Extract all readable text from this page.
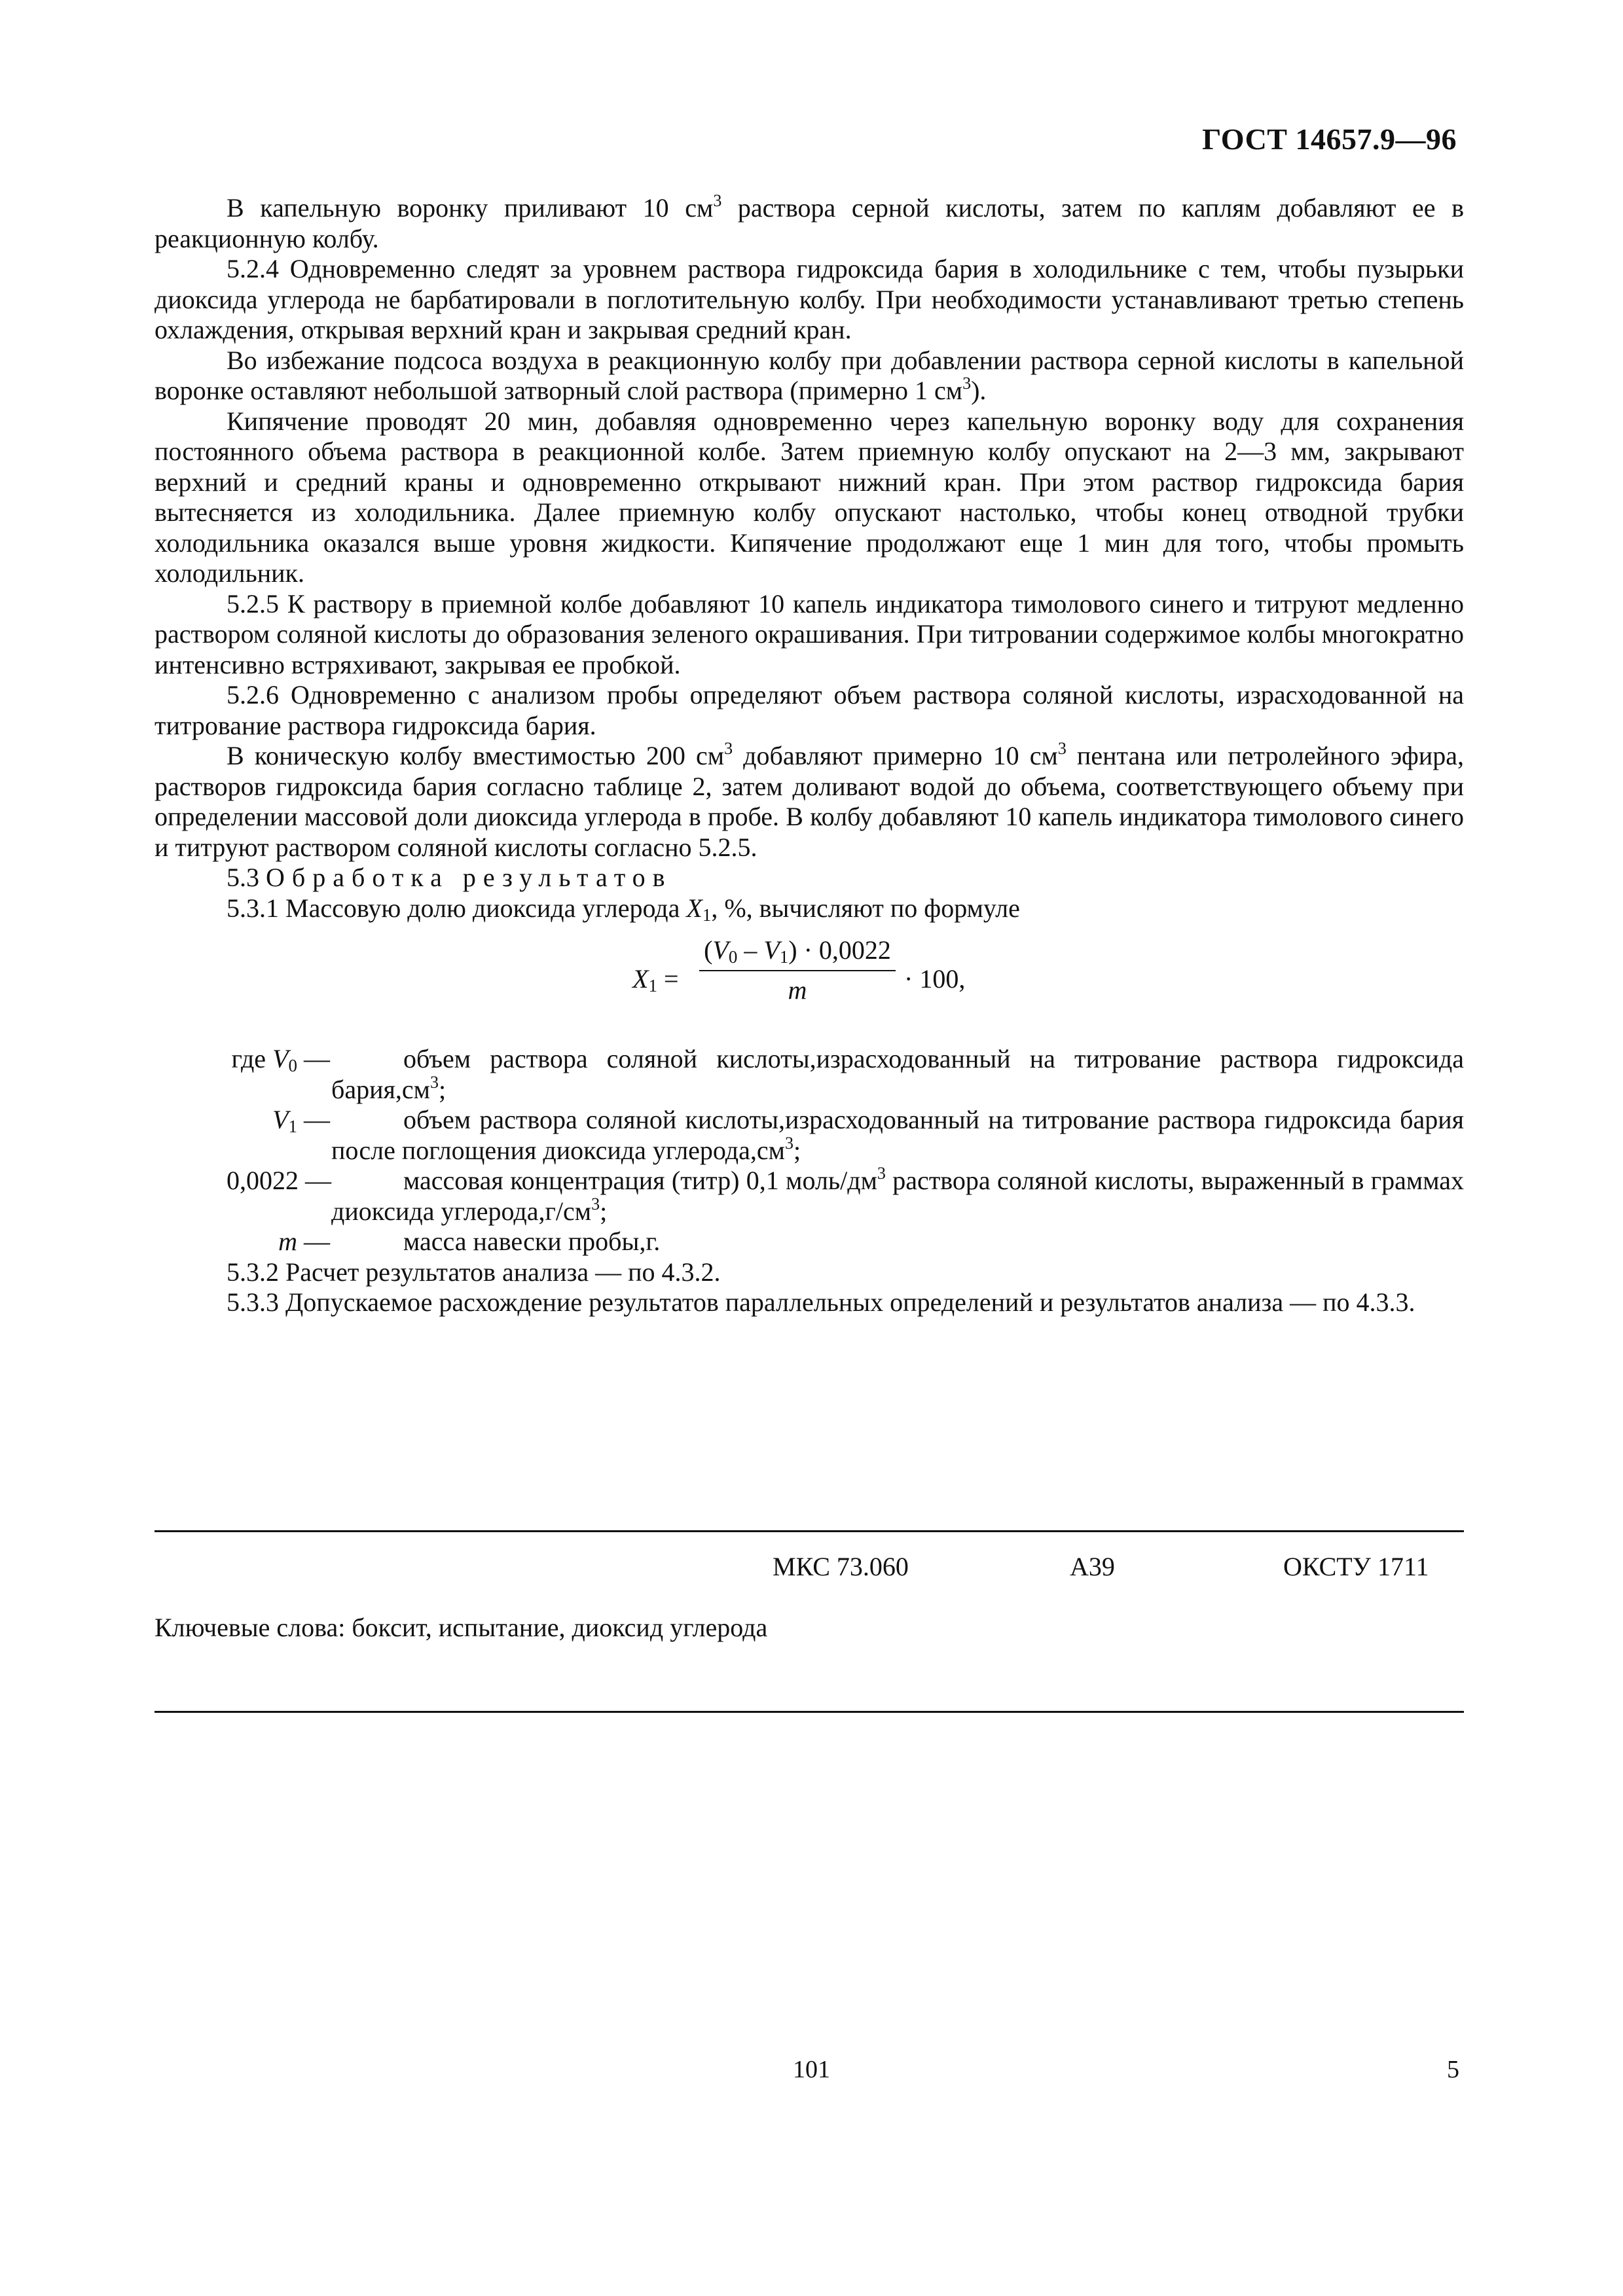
ГОСТ 14657.9—96

В капельную воронку приливают 10 $см^3$ раствора серной кислоты, затем по каплям добавляют ее в реакционную колбу.

5.2.4 Одновременно следят за уровнем раствора гидроксида бария в холодильнике с тем, чтобы пузырьки диоксида углерода не барбатировали в поглотительную колбу. При необходимости устанавливают третью степень охлаждения, открывая верхний кран и закрывая средний кран.

Во избежание подсоса воздуха в реакционную колбу при добавлении раствора серной кислоты в капельной воронке оставляют небольшой затворный слой раствора (примерно 1 $см^3$).

Кипячение проводят 20 мин, добавляя одновременно через капельную воронку воду для сохранения постоянного объема раствора в реакционной колбе. Затем приемную колбу опускают на 2—3 мм, закрывают верхний и средний краны и одновременно открывают нижний кран. При этом раствор гидроксида бария вытесняется из холодильника. Далее приемную колбу опускают настолько, чтобы конец отводной трубки холодильника оказался выше уровня жидкости. Кипячение продолжают еще 1 мин для того, чтобы промыть холодильник.

5.2.5 К раствору в приемной колбе добавляют 10 капель индикатора тимолового синего и титруют медленно раствором соляной кислоты до образования зеленого окрашивания. При титровании содержимое колбы многократно интенсивно встряхивают, закрывая ее пробкой.

5.2.6 Одновременно с анализом пробы определяют объем раствора соляной кислоты, израсходованной на титрование раствора гидроксида бария.

В коническую колбу вместимостью 200 $см^3$ добавляют примерно 10 $см^3$ пентана или петролейного эфира, растворов гидроксида бария согласно таблице 2, затем доливают водой до объема, соответствующего объему при определении массовой доли диоксида углерода в пробе. В колбу добавляют 10 капель индикатора тимолового синего и титруют раствором соляной кислоты согласно 5.2.5.

5.3 Обработка результатов

5.3.1 Массовую долю диоксида углерода $X_1$, %, вычисляют по формуле

$X_1$ =
$(V_0 - V_1) \cdot 0,0022$
m	· 100,

где $V_0$ —	объем раствора соляной кислоты,израсходованный на титрование раствора гидроксида $бария,см^3$;

$V_1$ —	объем раствора соляной кислоты,израсходованный на титрование раствора гидроксида бария после поглощения диоксида $углерода,см^3$;

0,0022 —	массовая концентрация (титр) 0,1 моль/$дм^3$ раствора соляной кислоты, выраженный в граммах диоксида $углерода,г/см^3$;

m —	масса навески пробы,г.

5.3.2 Расчет результатов анализа — по 4.3.2.

5.3.3 Допускаемое расхождение результатов параллельных определений и результатов анализа — по 4.3.3.

МКС 73.060	А39	ОКСТУ 1711
Ключевые слова: боксит, испытание, диоксид углерода
101	5
